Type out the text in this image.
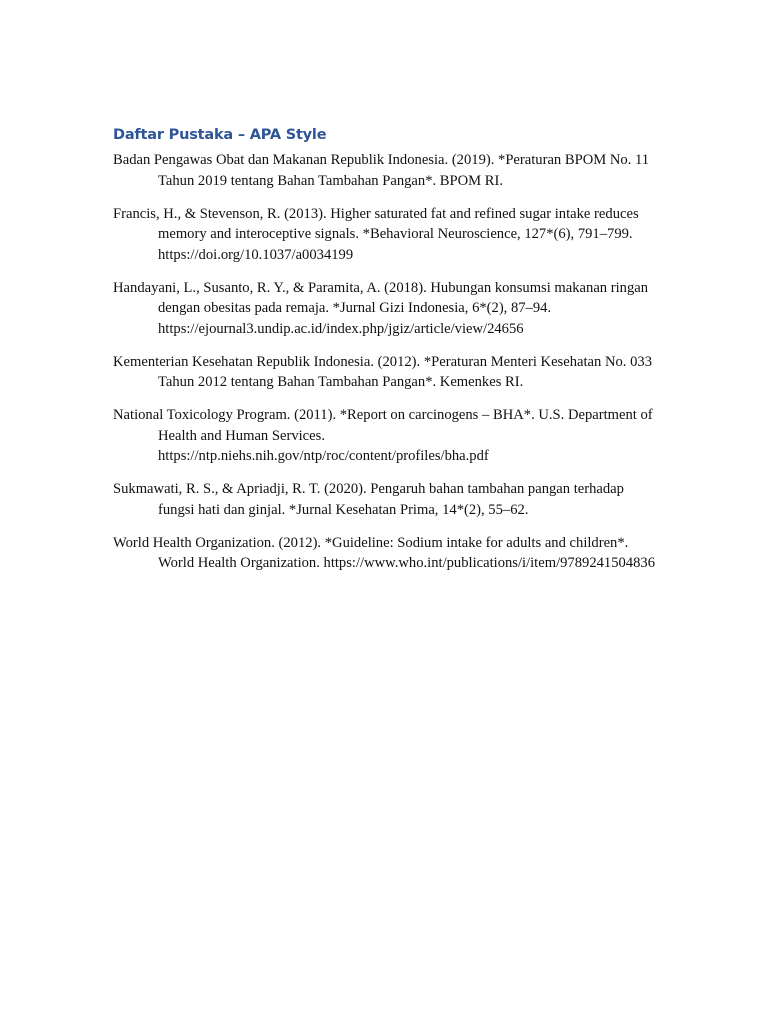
Daftar Pustaka – APA Style
Badan Pengawas Obat dan Makanan Republik Indonesia. (2019). *Peraturan BPOM No. 11 Tahun 2019 tentang Bahan Tambahan Pangan*. BPOM RI.
Francis, H., & Stevenson, R. (2013). Higher saturated fat and refined sugar intake reduces memory and interoceptive signals. *Behavioral Neuroscience, 127*(6), 791–799. https://doi.org/10.1037/a0034199
Handayani, L., Susanto, R. Y., & Paramita, A. (2018). Hubungan konsumsi makanan ringan dengan obesitas pada remaja. *Jurnal Gizi Indonesia, 6*(2), 87–94. https://ejournal3.undip.ac.id/index.php/jgiz/article/view/24656
Kementerian Kesehatan Republik Indonesia. (2012). *Peraturan Menteri Kesehatan No. 033 Tahun 2012 tentang Bahan Tambahan Pangan*. Kemenkes RI.
National Toxicology Program. (2011). *Report on carcinogens – BHA*. U.S. Department of Health and Human Services. https://ntp.niehs.nih.gov/ntp/roc/content/profiles/bha.pdf
Sukmawati, R. S., & Apriadji, R. T. (2020). Pengaruh bahan tambahan pangan terhadap fungsi hati dan ginjal. *Jurnal Kesehatan Prima, 14*(2), 55–62.
World Health Organization. (2012). *Guideline: Sodium intake for adults and children*. World Health Organization. https://www.who.int/publications/i/item/9789241504836
